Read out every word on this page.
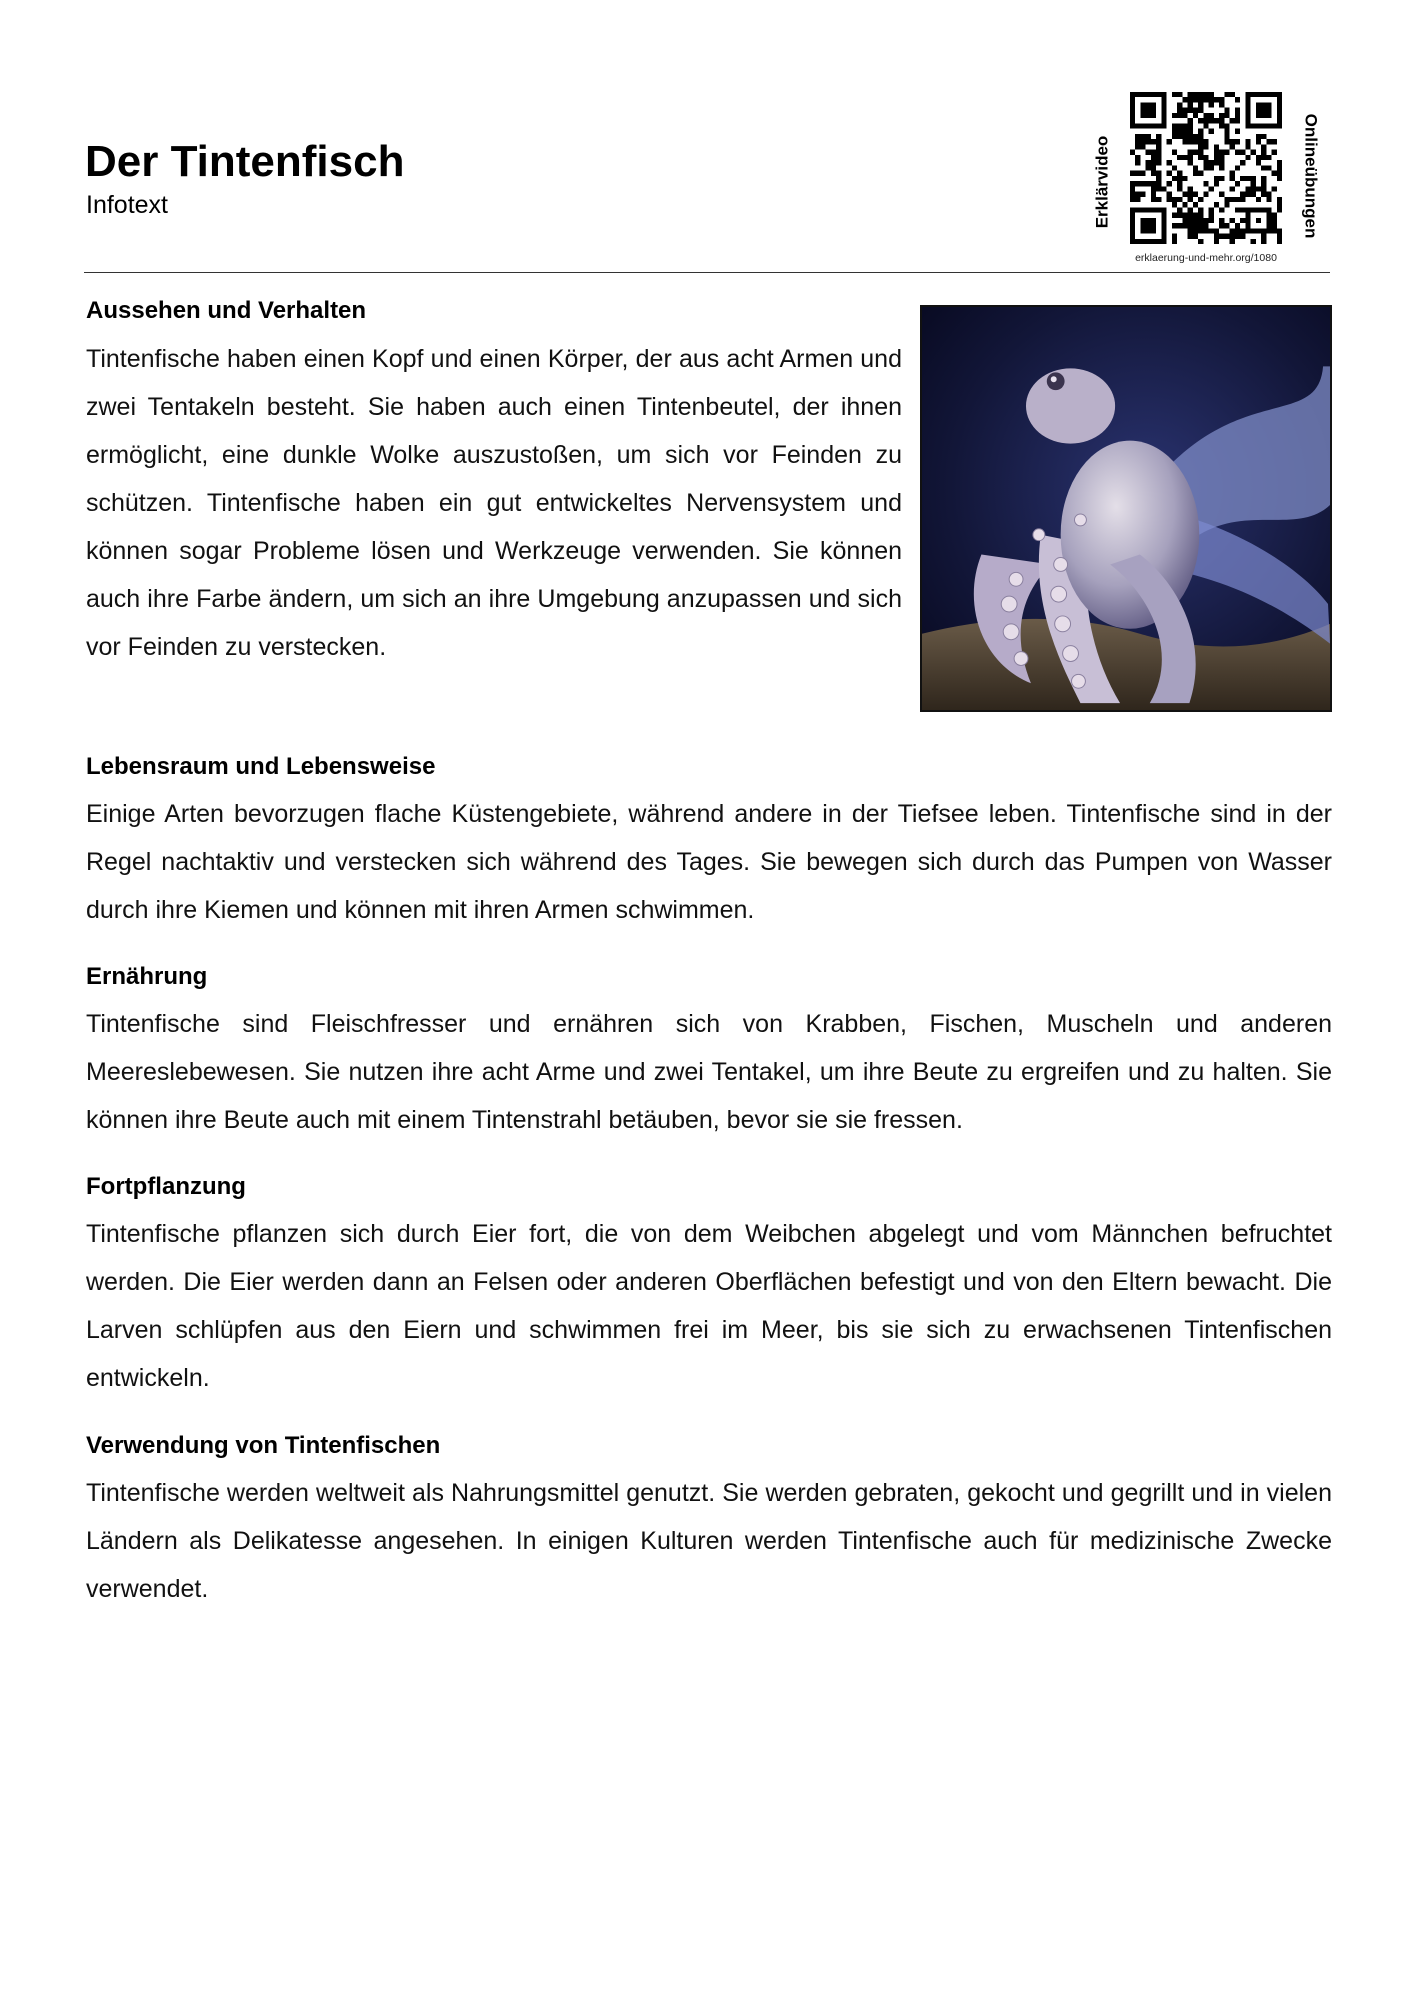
Der Tintenfisch

Infotext	Erklärvideo	Onlineübungen
erklaerung-und-mehr.org/1080
Aussehen und Verhalten

Tintenfische haben einen Kopf und einen Körper, der aus acht Armen und zwei Tentakeln besteht. Sie haben auch einen Tintenbeutel, der ihnen ermöglicht, eine dunkle Wolke auszustoßen, um sich vor Feinden zu schützen. Tintenfische haben ein gut entwickeltes Nervensystem und können sogar Probleme lösen und Werkzeuge verwenden. Sie können auch ihre Farbe ändern, um sich an ihre Umgebung anzupassen und sich vor Feinden zu verstecken.

Lebensraum und Lebensweise

Einige Arten bevorzugen flache Küstengebiete, während andere in der Tiefsee leben. Tintenfische sind in der Regel nachtaktiv und verstecken sich während des Tages. Sie bewegen sich durch das Pumpen von Wasser durch ihre Kiemen und können mit ihren Armen schwimmen.

Ernährung

Tintenfische sind Fleischfresser und ernähren sich von Krabben, Fischen, Muscheln und anderen Meereslebewesen. Sie nutzen ihre acht Arme und zwei Tentakel, um ihre Beute zu ergreifen und zu halten. Sie können ihre Beute auch mit einem Tintenstrahl betäuben, bevor sie sie fressen.

Fortpflanzung

Tintenfische pflanzen sich durch Eier fort, die von dem Weibchen abgelegt und vom Männchen befruchtet werden. Die Eier werden dann an Felsen oder anderen Oberflächen befestigt und von den Eltern bewacht. Die Larven schlüpfen aus den Eiern und schwimmen frei im Meer, bis sie sich zu erwachsenen Tintenfischen entwickeln.

Verwendung von Tintenfischen

Tintenfische werden weltweit als Nahrungsmittel genutzt. Sie werden gebraten, gekocht und gegrillt und in vielen Ländern als Delikatesse angesehen. In einigen Kulturen werden Tintenfische auch für medizinische Zwecke verwendet.
